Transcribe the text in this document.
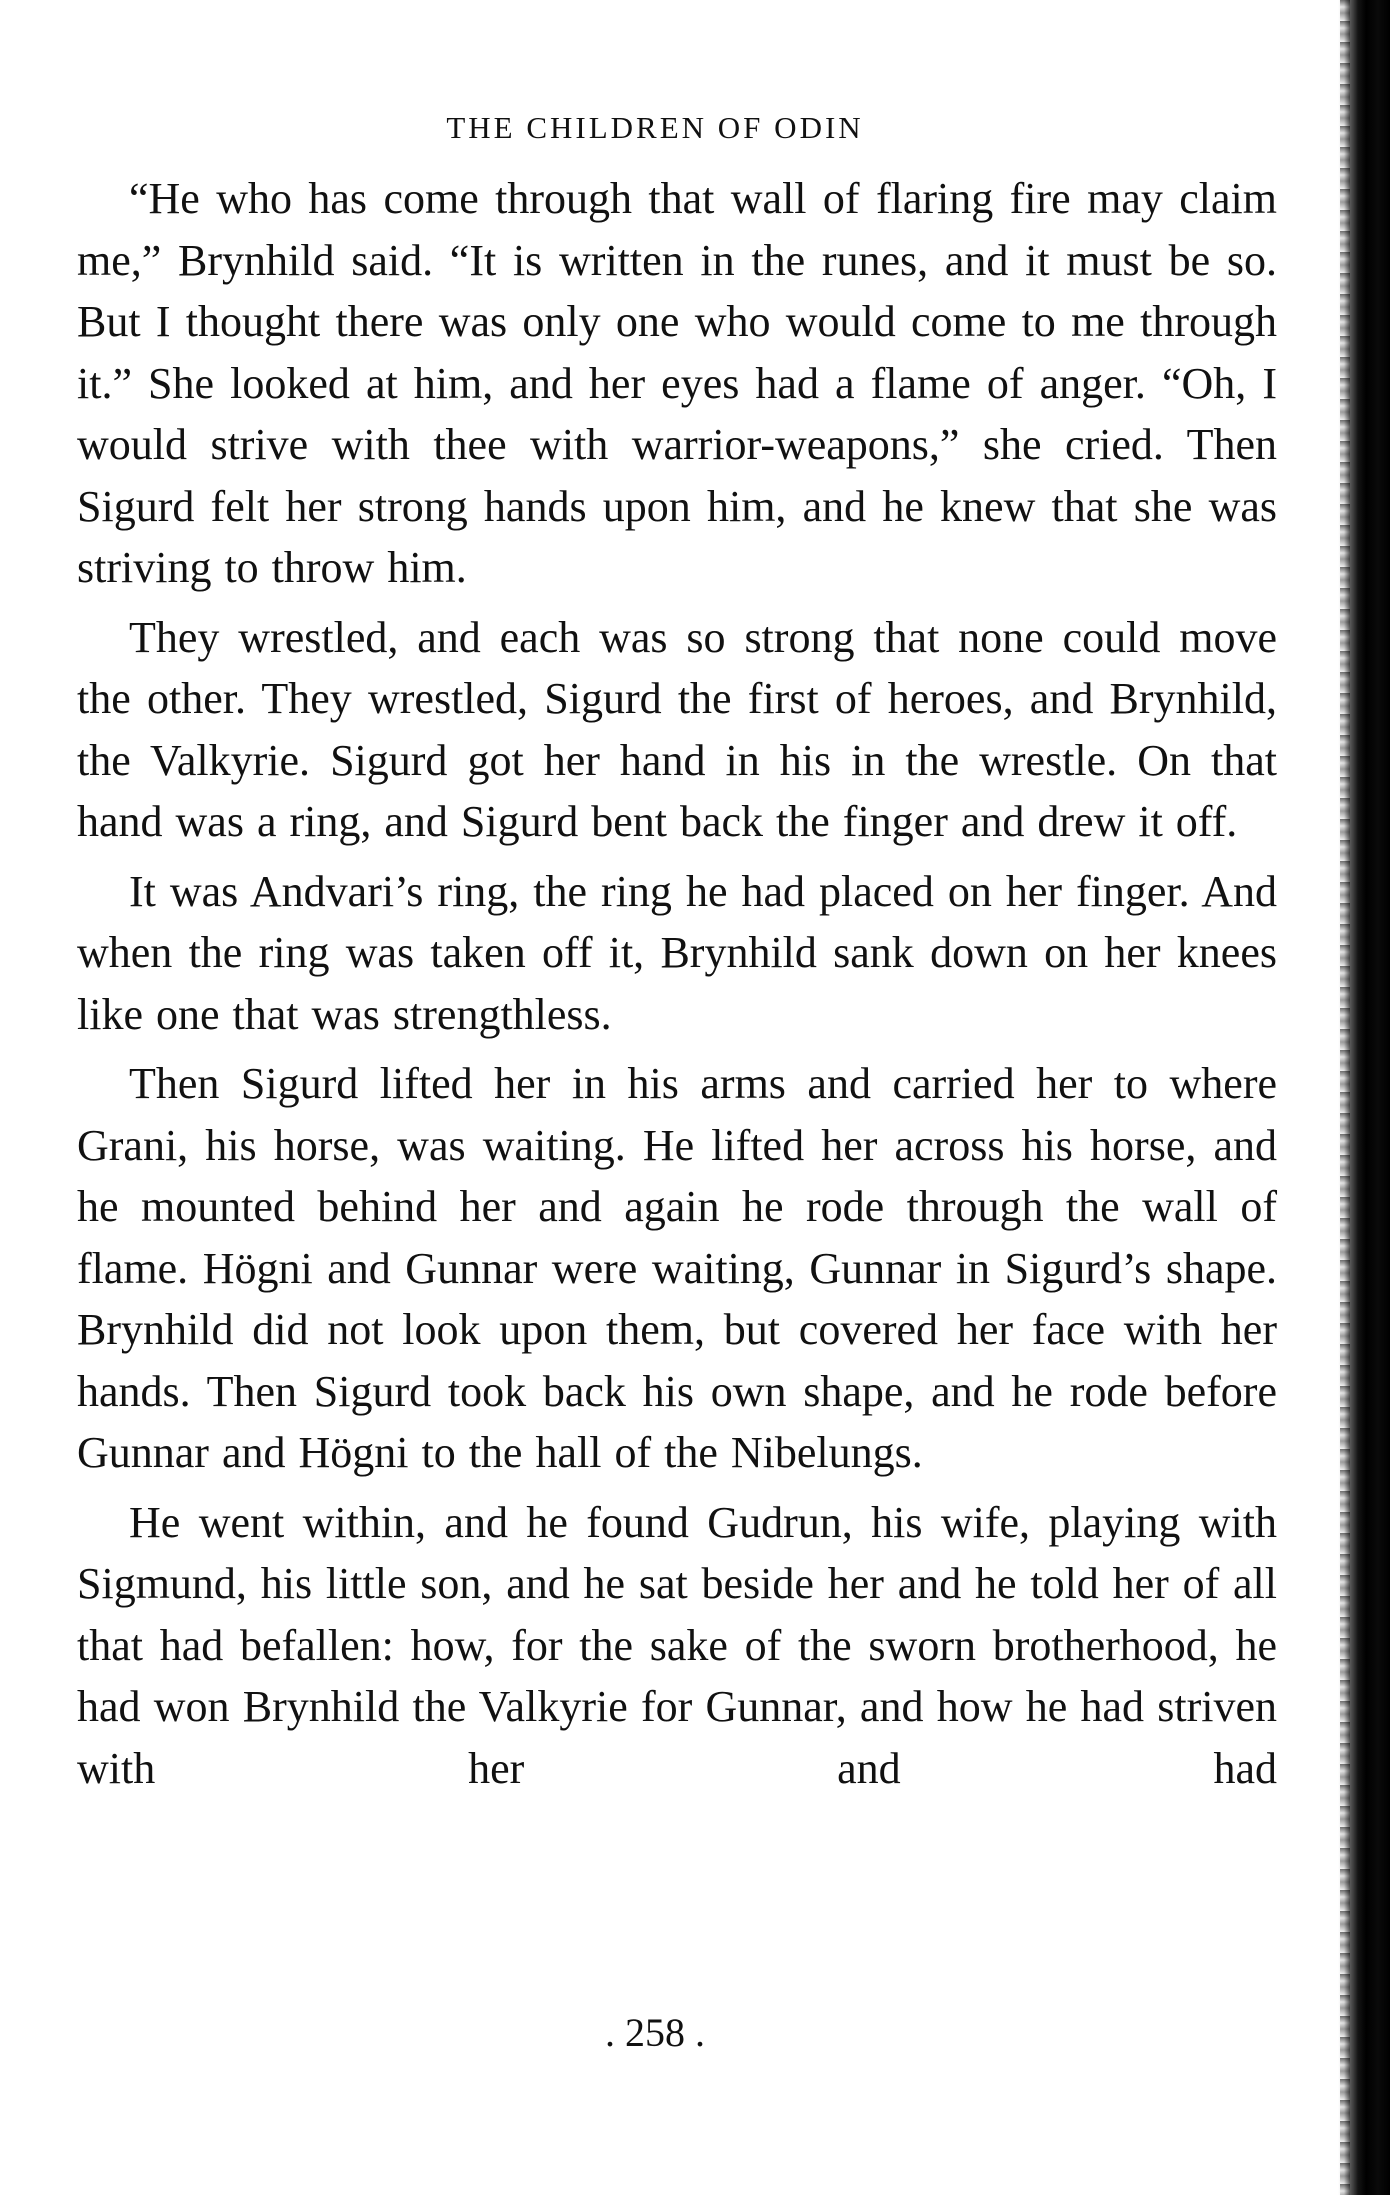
THE CHILDREN OF ODIN

“He who has come through that wall of flaring fire may claim me,” Brynhild said. “It is written in the runes, and it must be so. But I thought there was only one who would come to me through it.” She looked at him, and her eyes had a flame of anger. “Oh, I would strive with thee with warrior-weapons,” she cried. Then Sigurd felt her strong hands upon him, and he knew that she was striving to throw him.

They wrestled, and each was so strong that none could move the other. They wrestled, Sigurd the first of heroes, and Brynhild, the Valkyrie. Sigurd got her hand in his in the wrestle. On that hand was a ring, and Sigurd bent back the finger and drew it off.

It was Andvari’s ring, the ring he had placed on her finger. And when the ring was taken off it, Brynhild sank down on her knees like one that was strengthless.

Then Sigurd lifted her in his arms and carried her to where Grani, his horse, was waiting. He lifted her across his horse, and he mounted behind her and again he rode through the wall of flame. Högni and Gunnar were waiting, Gunnar in Sigurd’s shape. Brynhild did not look upon them, but covered her face with her hands. Then Sigurd took back his own shape, and he rode before Gunnar and Högni to the hall of the Nibelungs.

He went within, and he found Gudrun, his wife, playing with Sigmund, his little son, and he sat beside her and he told her of all that had befallen: how, for the sake of the sworn brotherhood, he had won Brynhild the Valkyrie for Gunnar, and how he had striven with her and had

. 258 .
